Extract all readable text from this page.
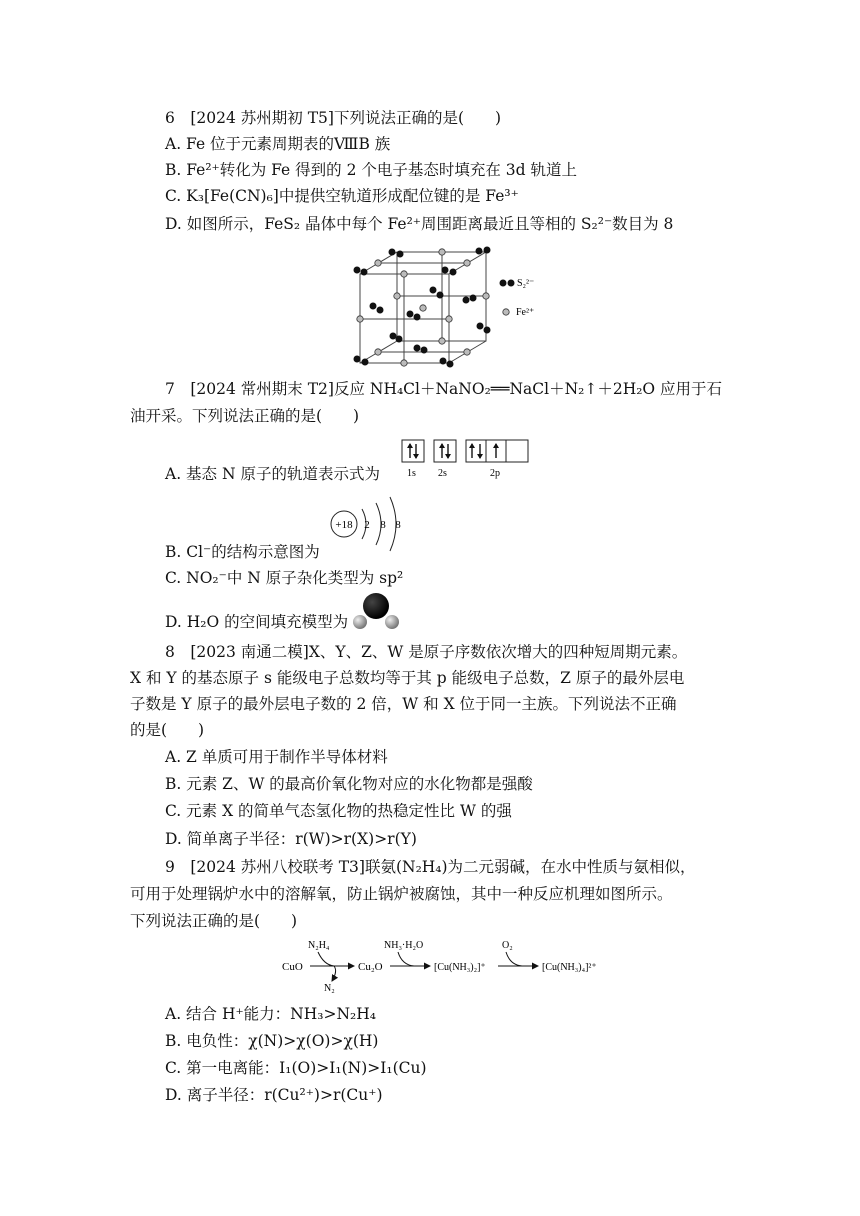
6　[2024 苏州期初 T5]下列说法正确的是(　　)
A. Fe 位于元素周期表的ⅧB 族
B. Fe²⁺转化为 Fe 得到的 2 个电子基态时填充在 3d 轨道上
C. K₃[Fe(CN)₆]中提供空轨道形成配位键的是 Fe³⁺
D. 如图所示，FeS₂ 晶体中每个 Fe²⁺周围距离最近且等相的 S₂²⁻数目为 8
S₂²⁻
Fe²⁺
7　[2024 常州期末 T2]反应 NH₄Cl＋NaNO₂══NaCl＋N₂↑＋2H₂O 应用于石
油开采。下列说法正确的是(　　)
A. 基态 N 原子的轨道表示式为	1s 2s	2p
+18 2 8 8
B. Cl⁻的结构示意图为
C. NO₂⁻中 N 原子杂化类型为 sp²
D. H₂O 的空间填充模型为
8　[2023 南通二模]X、Y、Z、W 是原子序数依次增大的四种短周期元素。
X 和 Y 的基态原子 s 能级电子总数均等于其 p 能级电子总数，Z 原子的最外层电
子数是 Y 原子的最外层电子数的 2 倍，W 和 X 位于同一主族。下列说法不正确
的是(　　)
A. Z 单质可用于制作半导体材料
B. 元素 Z、W 的最高价氧化物对应的水化物都是强酸
C. 元素 X 的简单气态氢化物的热稳定性比 W 的强
D. 简单离子半径：r(W)>r(X)>r(Y)
9　[2024 苏州八校联考 T3]联氨(N₂H₄)为二元弱碱，在水中性质与氨相似，
可用于处理锅炉水中的溶解氧，防止锅炉被腐蚀，其中一种反应机理如图所示。
下列说法正确的是(　　)
CuO
N₂H₄
N₂
Cu₂O
NH₃·H₂O
[Cu(NH₃)₂]⁺
O₂
[Cu(NH₃)₄]²⁺
A. 结合 H⁺能力：NH₃>N₂H₄
B. 电负性：χ(N)>χ(O)>χ(H)
C. 第一电离能：I₁(O)>I₁(N)>I₁(Cu)
D. 离子半径：r(Cu²⁺)>r(Cu⁺)
